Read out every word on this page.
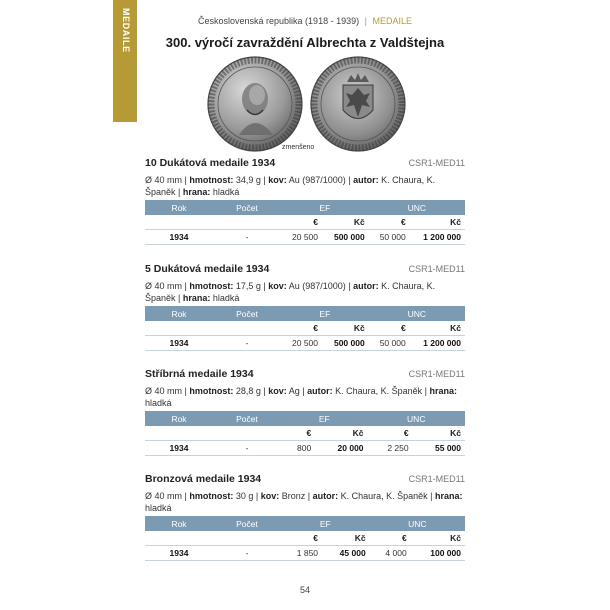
MEDAILE	Československá republika (1918 - 1939) | MEDAILE
300. výročí zavraždění Albrechta z Valdštejna
zmenšeno
10 Dukátová medaile 1934	CSR1-MED11
Ø 40 mm | hmotnost: 34,9 g | kov: Au (987/1000) | autor: K. Chaura, K. Španěk | hrana: hladká
Rok	Počet	EF		UNC	
		€	Kč	€	Kč
1934	-	20 500	500 000	50 000	1 200 000
5 Dukátová medaile 1934	CSR1-MED11
Ø 40 mm | hmotnost: 17,5 g | kov: Au (987/1000) | autor: K. Chaura, K. Španěk | hrana: hladká
Rok	Počet	EF		UNC	
		€	Kč	€	Kč
1934	-	20 500	500 000	50 000	1 200 000
Stříbrná medaile 1934	CSR1-MED11
Ø 40 mm | hmotnost: 28,8 g | kov: Ag | autor: K. Chaura, K. Španěk | hrana: hladká
Rok	Počet	EF		UNC	
		€	Kč	€	Kč
1934	-	800	20 000	2 250	55 000
Bronzová medaile 1934	CSR1-MED11
Ø 40 mm | hmotnost: 30 g | kov: Bronz | autor: K. Chaura, K. Španěk | hrana: hladká
Rok	Počet	EF		UNC	
		€	Kč	€	Kč
1934	-	1 850	45 000	4 000	100 000
54
